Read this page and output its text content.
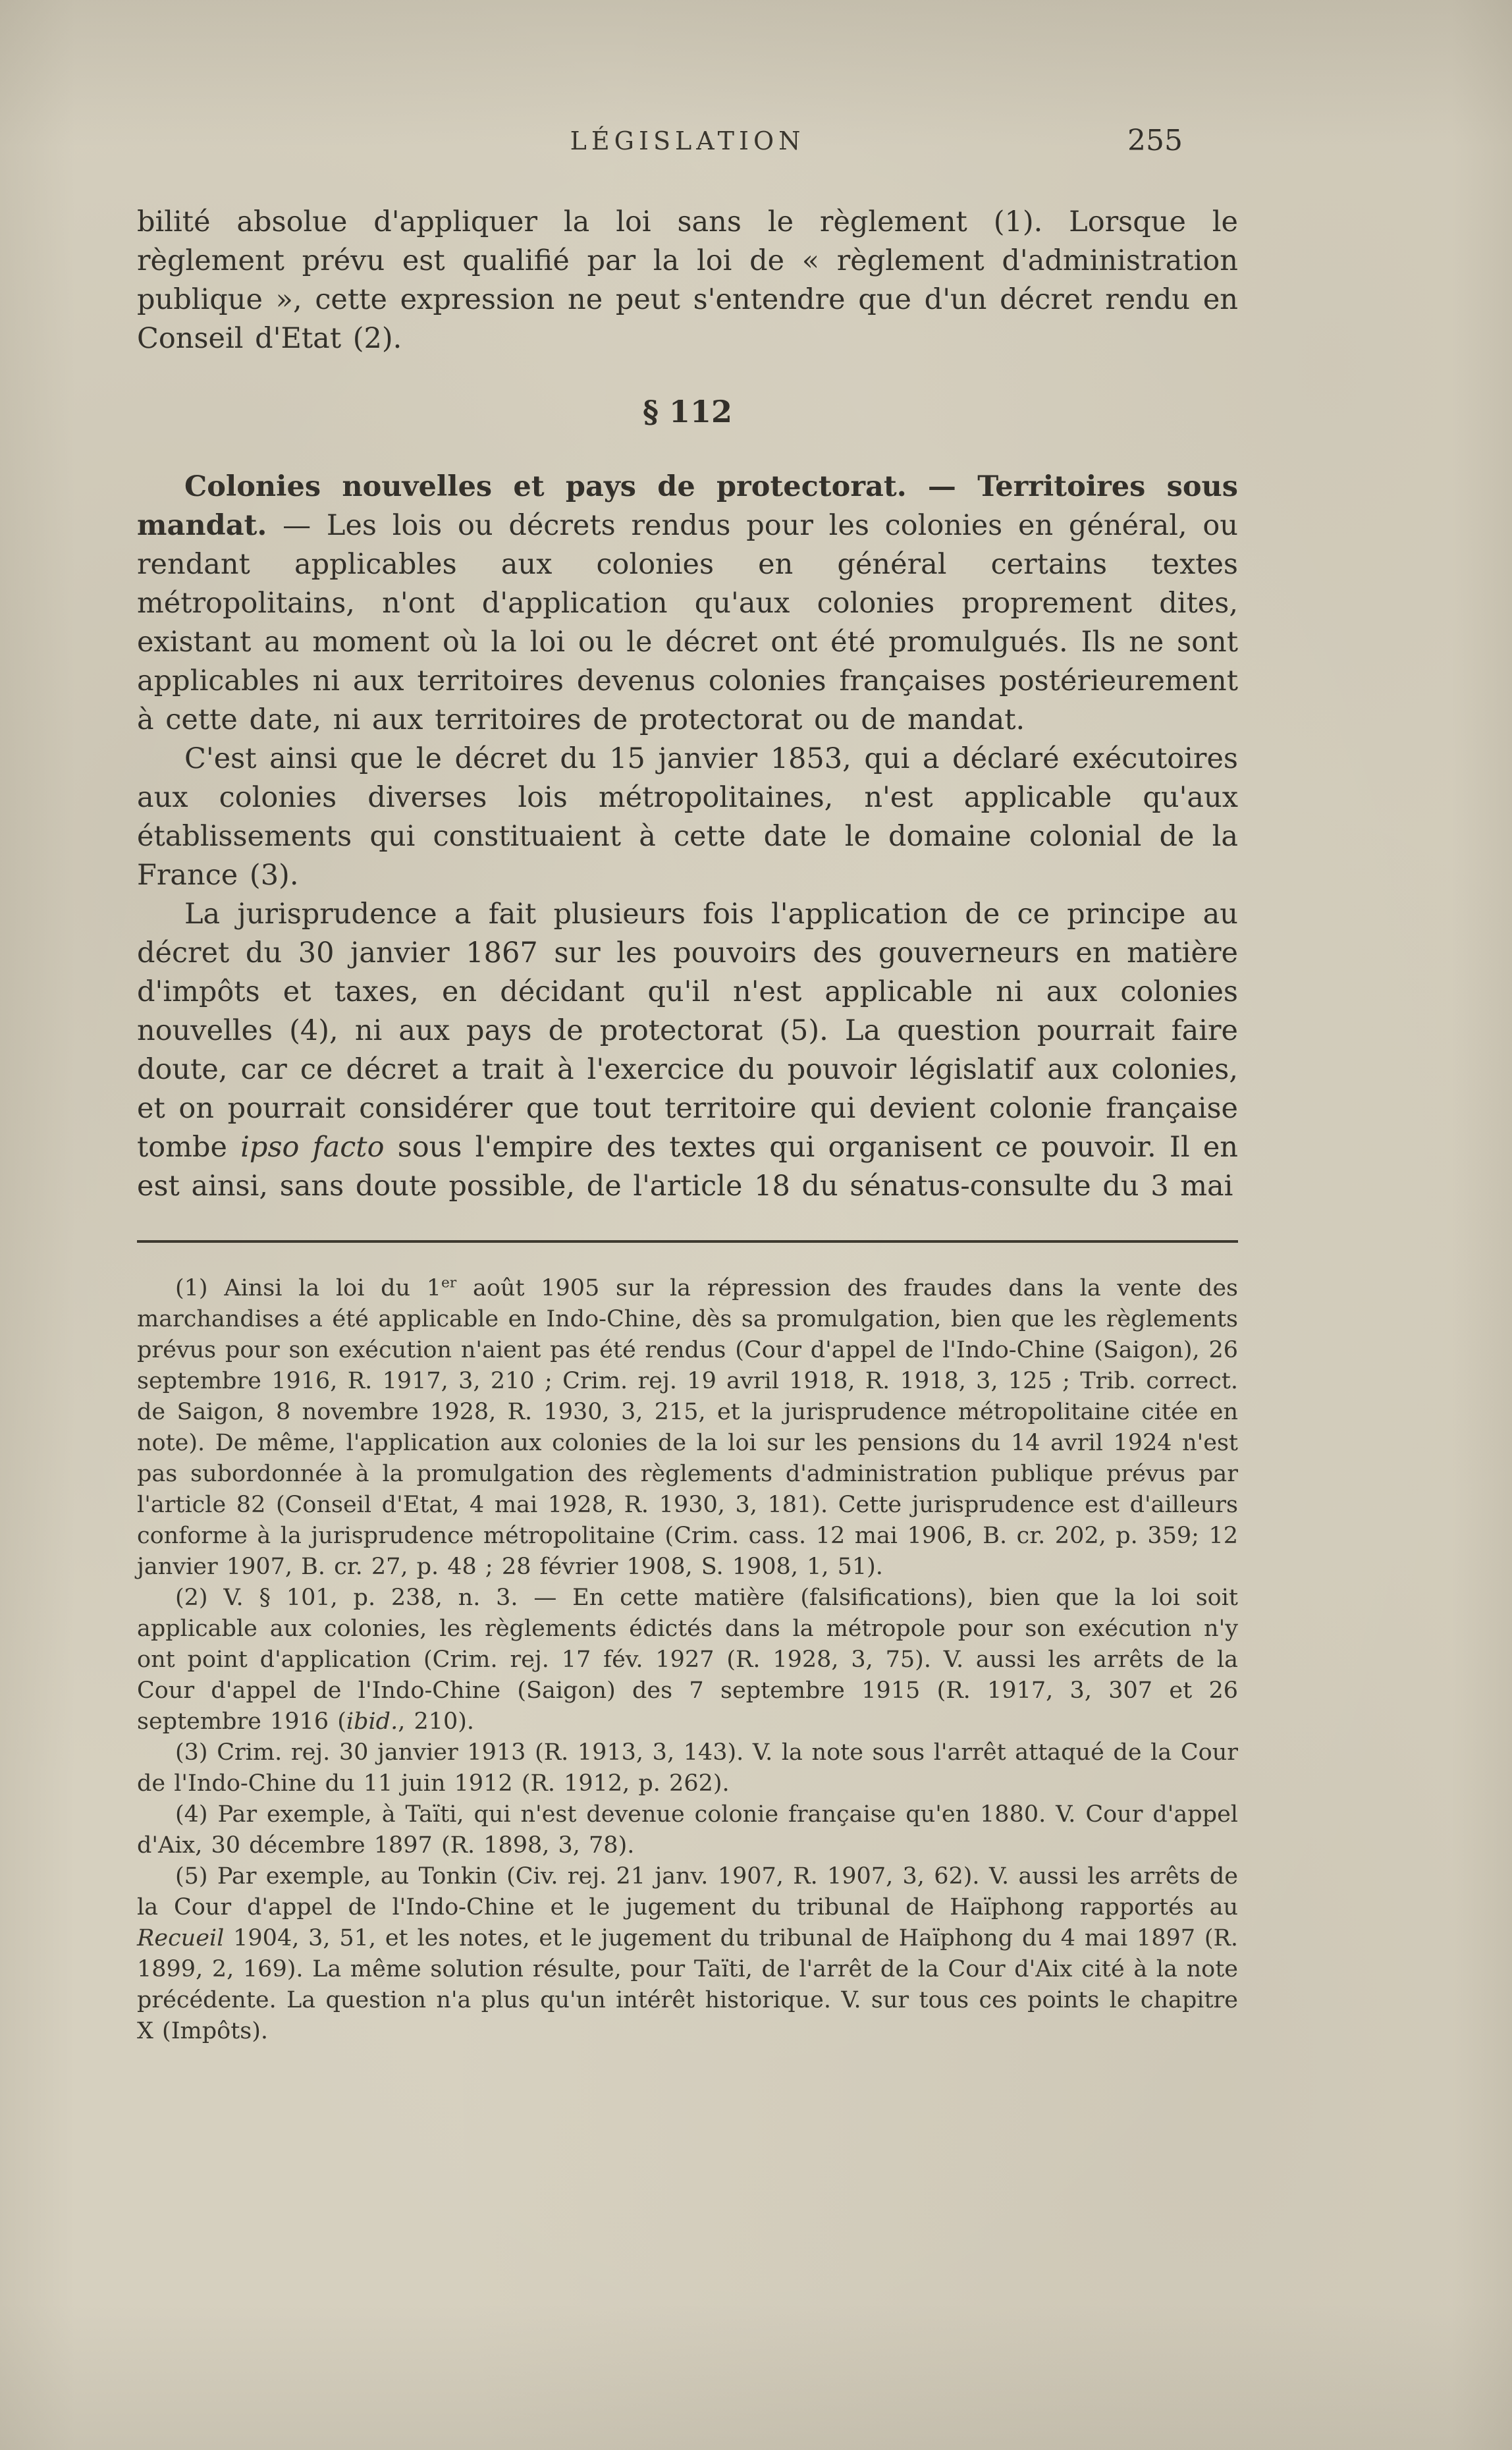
LÉGISLATION	255

bilité absolue d'appliquer la loi sans le règlement (1). Lorsque le règlement prévu est qualifié par la loi de « règlement d'administration publique », cette expression ne peut s'entendre que d'un décret rendu en Conseil d'Etat (2).

§ 112

Colonies nouvelles et pays de protectorat. — Territoires sous mandat. — Les lois ou décrets rendus pour les colonies en général, ou rendant applicables aux colonies en général certains textes métropolitains, n'ont d'application qu'aux colonies proprement dites, existant au moment où la loi ou le décret ont été promulgués. Ils ne sont applicables ni aux territoires devenus colonies françaises postérieurement à cette date, ni aux territoires de protectorat ou de mandat.

C'est ainsi que le décret du 15 janvier 1853, qui a déclaré exécutoires aux colonies diverses lois métropolitaines, n'est applicable qu'aux établissements qui constituaient à cette date le domaine colonial de la France (3).

La jurisprudence a fait plusieurs fois l'application de ce principe au décret du 30 janvier 1867 sur les pouvoirs des gouverneurs en matière d'impôts et taxes, en décidant qu'il n'est applicable ni aux colonies nouvelles (4), ni aux pays de protectorat (5). La question pourrait faire doute, car ce décret a trait à l'exercice du pouvoir législatif aux colonies, et on pourrait considérer que tout territoire qui devient colonie française tombe ipso facto sous l'empire des textes qui organisent ce pouvoir. Il en est ainsi, sans doute possible, de l'article 18 du sénatus-consulte du 3 mai

(1) Ainsi la loi du 1er août 1905 sur la répression des fraudes dans la vente des marchandises a été applicable en Indo-Chine, dès sa promulgation, bien que les règlements prévus pour son exécution n'aient pas été rendus (Cour d'appel de l'Indo-Chine (Saigon), 26 septembre 1916, R. 1917, 3, 210 ; Crim. rej. 19 avril 1918, R. 1918, 3, 125 ; Trib. correct. de Saigon, 8 novembre 1928, R. 1930, 3, 215, et la jurisprudence métropolitaine citée en note). De même, l'application aux colonies de la loi sur les pensions du 14 avril 1924 n'est pas subordonnée à la promulgation des règlements d'administration publique prévus par l'article 82 (Conseil d'Etat, 4 mai 1928, R. 1930, 3, 181). Cette jurisprudence est d'ailleurs conforme à la jurisprudence métropolitaine (Crim. cass. 12 mai 1906, B. cr. 202, p. 359; 12 janvier 1907, B. cr. 27, p. 48 ; 28 février 1908, S. 1908, 1, 51).

(2) V. § 101, p. 238, n. 3. — En cette matière (falsifications), bien que la loi soit applicable aux colonies, les règlements édictés dans la métropole pour son exécution n'y ont point d'application (Crim. rej. 17 fév. 1927 (R. 1928, 3, 75). V. aussi les arrêts de la Cour d'appel de l'Indo-Chine (Saigon) des 7 septembre 1915 (R. 1917, 3, 307 et 26 septembre 1916 (ibid., 210).

(3) Crim. rej. 30 janvier 1913 (R. 1913, 3, 143). V. la note sous l'arrêt attaqué de la Cour de l'Indo-Chine du 11 juin 1912 (R. 1912, p. 262).

(4) Par exemple, à Taïti, qui n'est devenue colonie française qu'en 1880. V. Cour d'appel d'Aix, 30 décembre 1897 (R. 1898, 3, 78).

(5) Par exemple, au Tonkin (Civ. rej. 21 janv. 1907, R. 1907, 3, 62). V. aussi les arrêts de la Cour d'appel de l'Indo-Chine et le jugement du tribunal de Haïphong rapportés au Recueil 1904, 3, 51, et les notes, et le jugement du tribunal de Haïphong du 4 mai 1897 (R. 1899, 2, 169). La même solution résulte, pour Taïti, de l'arrêt de la Cour d'Aix cité à la note précédente. La question n'a plus qu'un intérêt historique. V. sur tous ces points le chapitre X (Impôts).
